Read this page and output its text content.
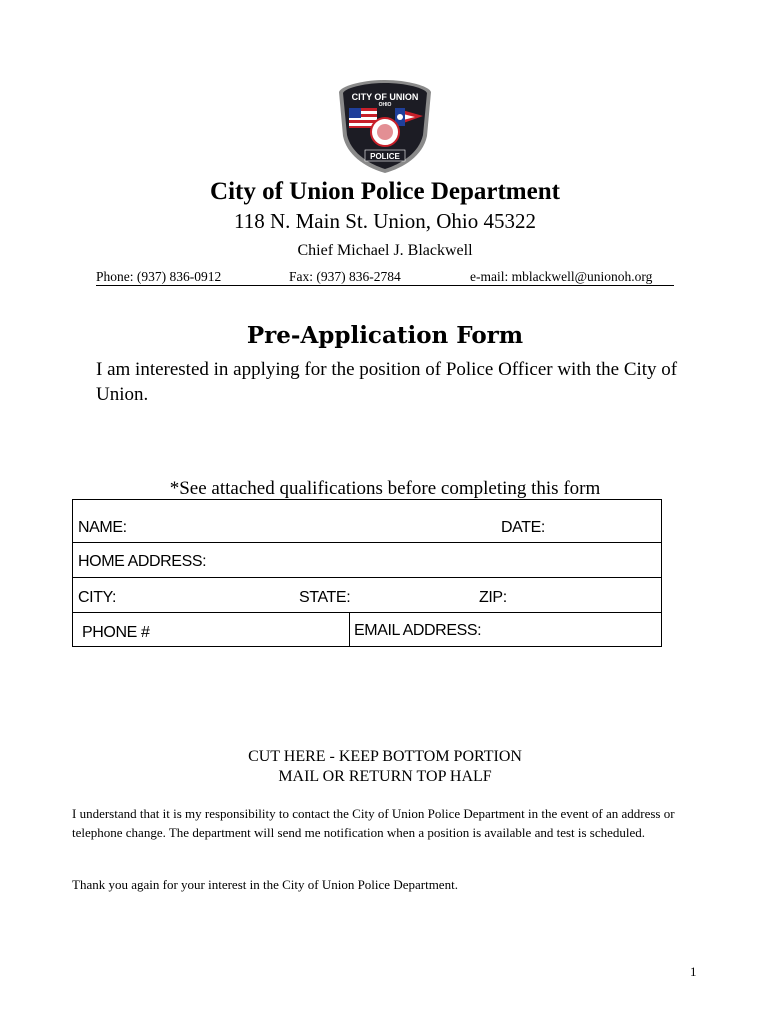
POLICE
CITY OF UNION
OHIO
City of Union Police Department
118 N. Main St. Union, Ohio 45322
Chief Michael J. Blackwell
Phone: (937) 836-0912	Fax: (937) 836-2784	e-mail: mblackwell@unionoh.org
Pre-Application Form
I am interested in applying for the position of Police Officer with the City of Union.
*See attached qualifications before completing this form
NAME:	DATE:
HOME ADDRESS:
CITY:	STATE:	ZIP:
PHONE #	EMAIL ADDRESS:
CUT HERE - KEEP BOTTOM PORTION
MAIL OR RETURN TOP HALF
I understand that it is my responsibility to contact the City of Union Police Department in the event of an address or telephone change. The department will send me notification when a position is available and test is scheduled.
Thank you again for your interest in the City of Union Police Department.
1
